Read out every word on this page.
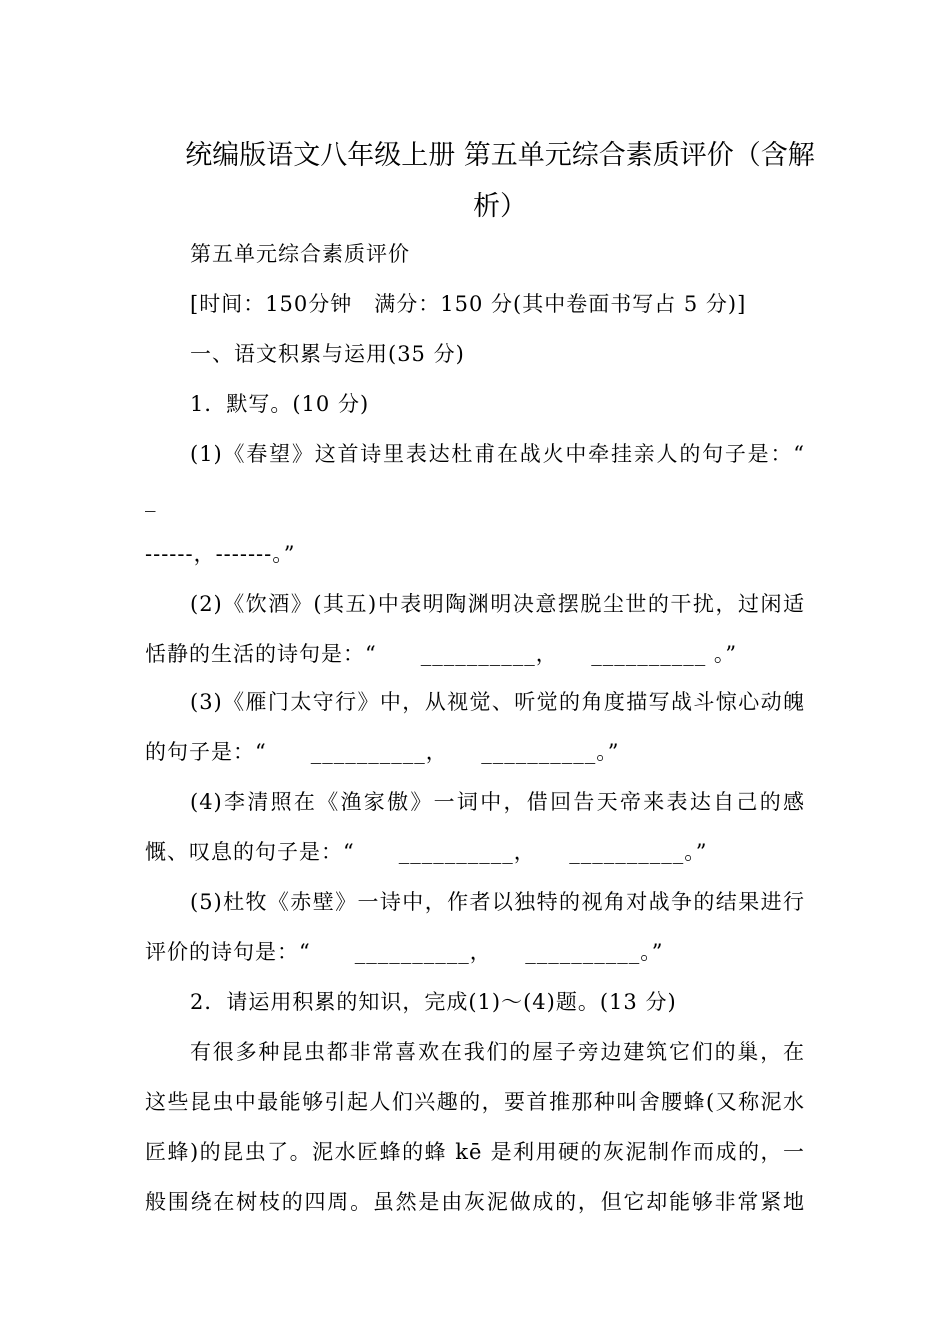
统编版语文八年级上册 第五单元综合素质评价（含解
析）
第五单元综合素质评价
[时间：150分钟　满分：150 分(其中卷面书写占 5 分)]
一、语文积累与运用(35 分)
1．默写。(10 分)
(1)《春望》这首诗里表达杜甫在战火中牵挂亲人的句子是：“
_
------，-------。”
(2)《饮酒》(其五)中表明陶渊明决意摆脱尘世的干扰，过闲适
恬静的生活的诗句是：“　　__________，　　__________ 。”
(3)《雁门太守行》中，从视觉、听觉的角度描写战斗惊心动魄
的句子是：“　　__________，　　__________。”
(4)李清照在《渔家傲》一词中，借回告天帝来表达自己的感
慨、叹息的句子是：“　　__________，　　__________。”
(5)杜牧《赤壁》一诗中，作者以独特的视角对战争的结果进行
评价的诗句是：“　　__________，　　__________。”
2．请运用积累的知识，完成(1)～(4)题。(13 分)
有很多种昆虫都非常喜欢在我们的屋子旁边建筑它们的巢，在
这些昆虫中最能够引起人们兴趣的，要首推那种叫舍腰蜂(又称泥水
匠蜂)的昆虫了。泥水匠蜂的蜂 kē 是利用硬的灰泥制作而成的，一
般围绕在树枝的四周。虽然是由灰泥做成的，但它却能够非常紧地
